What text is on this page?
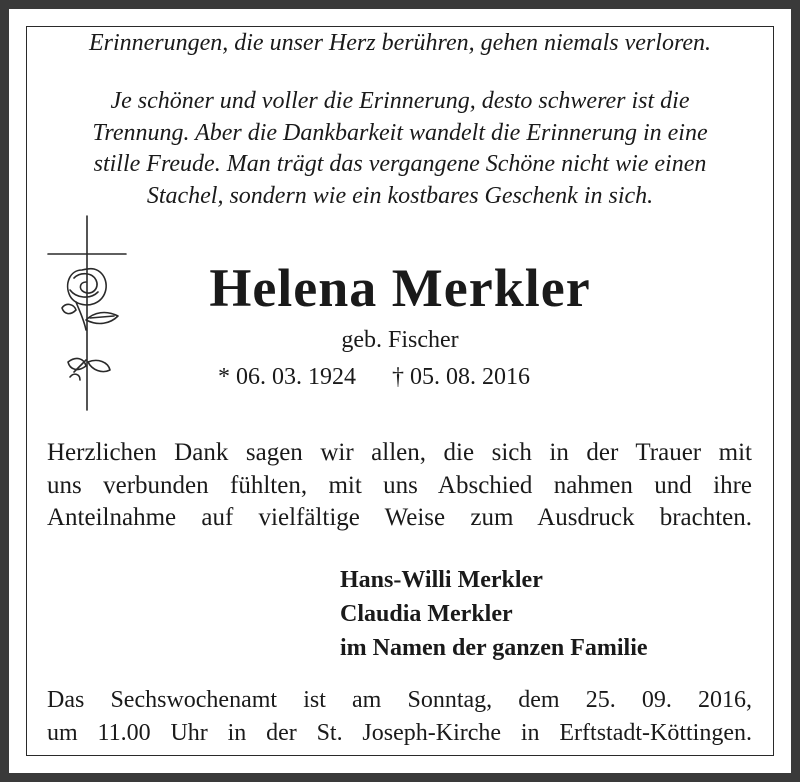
Erinnerungen, die unser Herz berühren, gehen niemals verloren.
Je schöner und voller die Erinnerung, desto schwerer ist die
Trennung. Aber die Dankbarkeit wandelt die Erinnerung in eine
stille Freude. Man trägt das vergangene Schöne nicht wie einen
Stachel, sondern wie ein kostbares Geschenk in sich.
Helena Merkler
geb. Fischer
* 06. 03. 1924 † 05. 08. 2016
Herzlichen Dank sagen wir allen, die sich in der Trauer mit
uns verbunden fühlten, mit uns Abschied nahmen und ihre
Anteilnahme auf vielfältige Weise zum Ausdruck brachten.
Hans-Willi Merkler
Claudia Merkler
im Namen der ganzen Familie
Das Sechswochenamt ist am Sonntag, dem 25. 09. 2016,
um 11.00 Uhr in der St. Joseph-Kirche in Erftstadt-Köttingen.
